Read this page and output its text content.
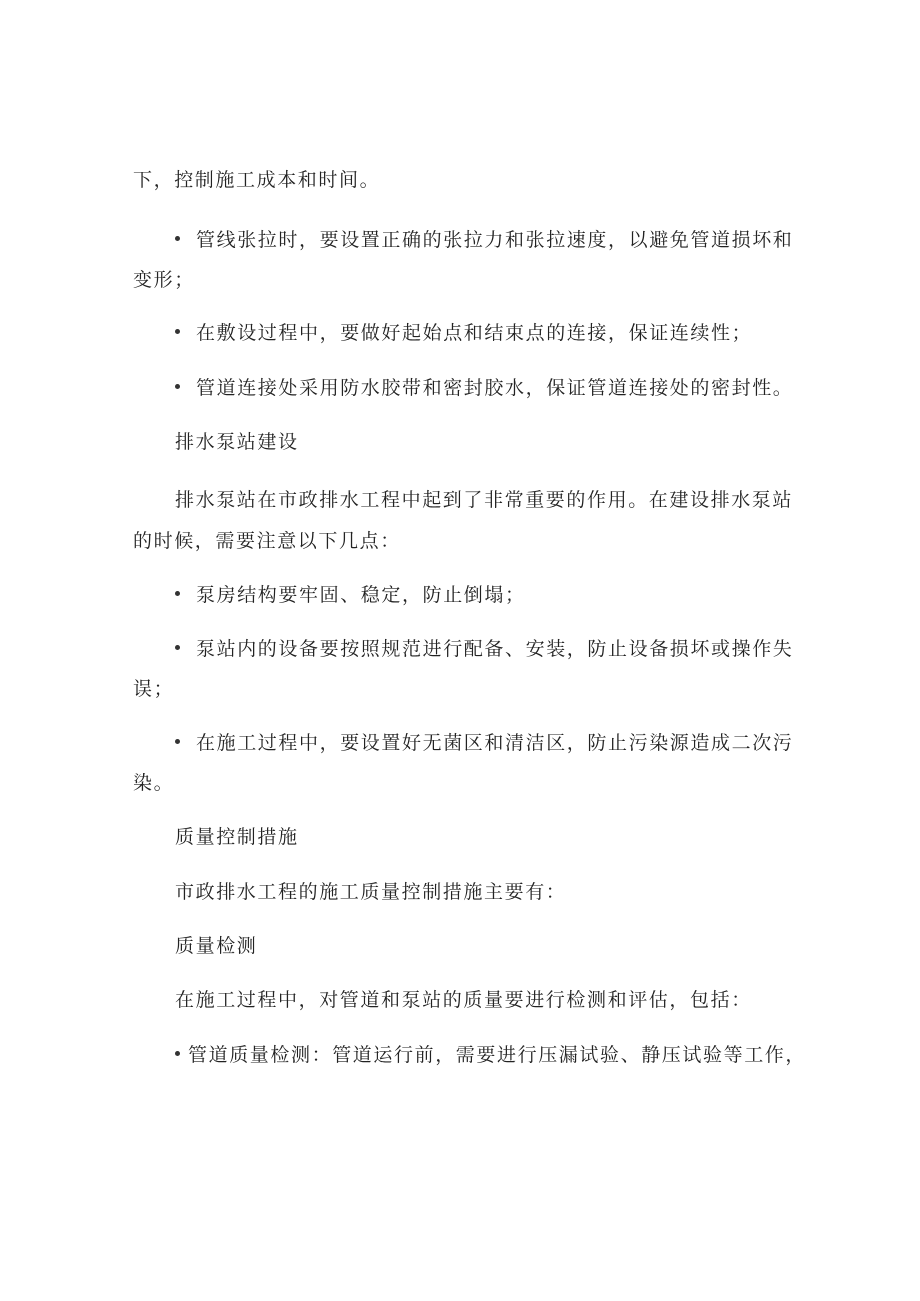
下，控制施工成本和时间。
管线张拉时，要设置正确的张拉力和张拉速度，以避免管道损坏和
变形；
在敷设过程中，要做好起始点和结束点的连接，保证连续性；
管道连接处采用防水胶带和密封胶水，保证管道连接处的密封性。
排水泵站建设
排水泵站在市政排水工程中起到了非常重要的作用。在建设排水泵站
的时候，需要注意以下几点：
泵房结构要牢固、稳定，防止倒塌；
泵站内的设备要按照规范进行配备、安装，防止设备损坏或操作失
误；
在施工过程中，要设置好无菌区和清洁区，防止污染源造成二次污
染。
质量控制措施
市政排水工程的施工质量控制措施主要有：
质量检测
在施工过程中，对管道和泵站的质量要进行检测和评估，包括：
管道质量检测：管道运行前，需要进行压漏试验、静压试验等工作，
